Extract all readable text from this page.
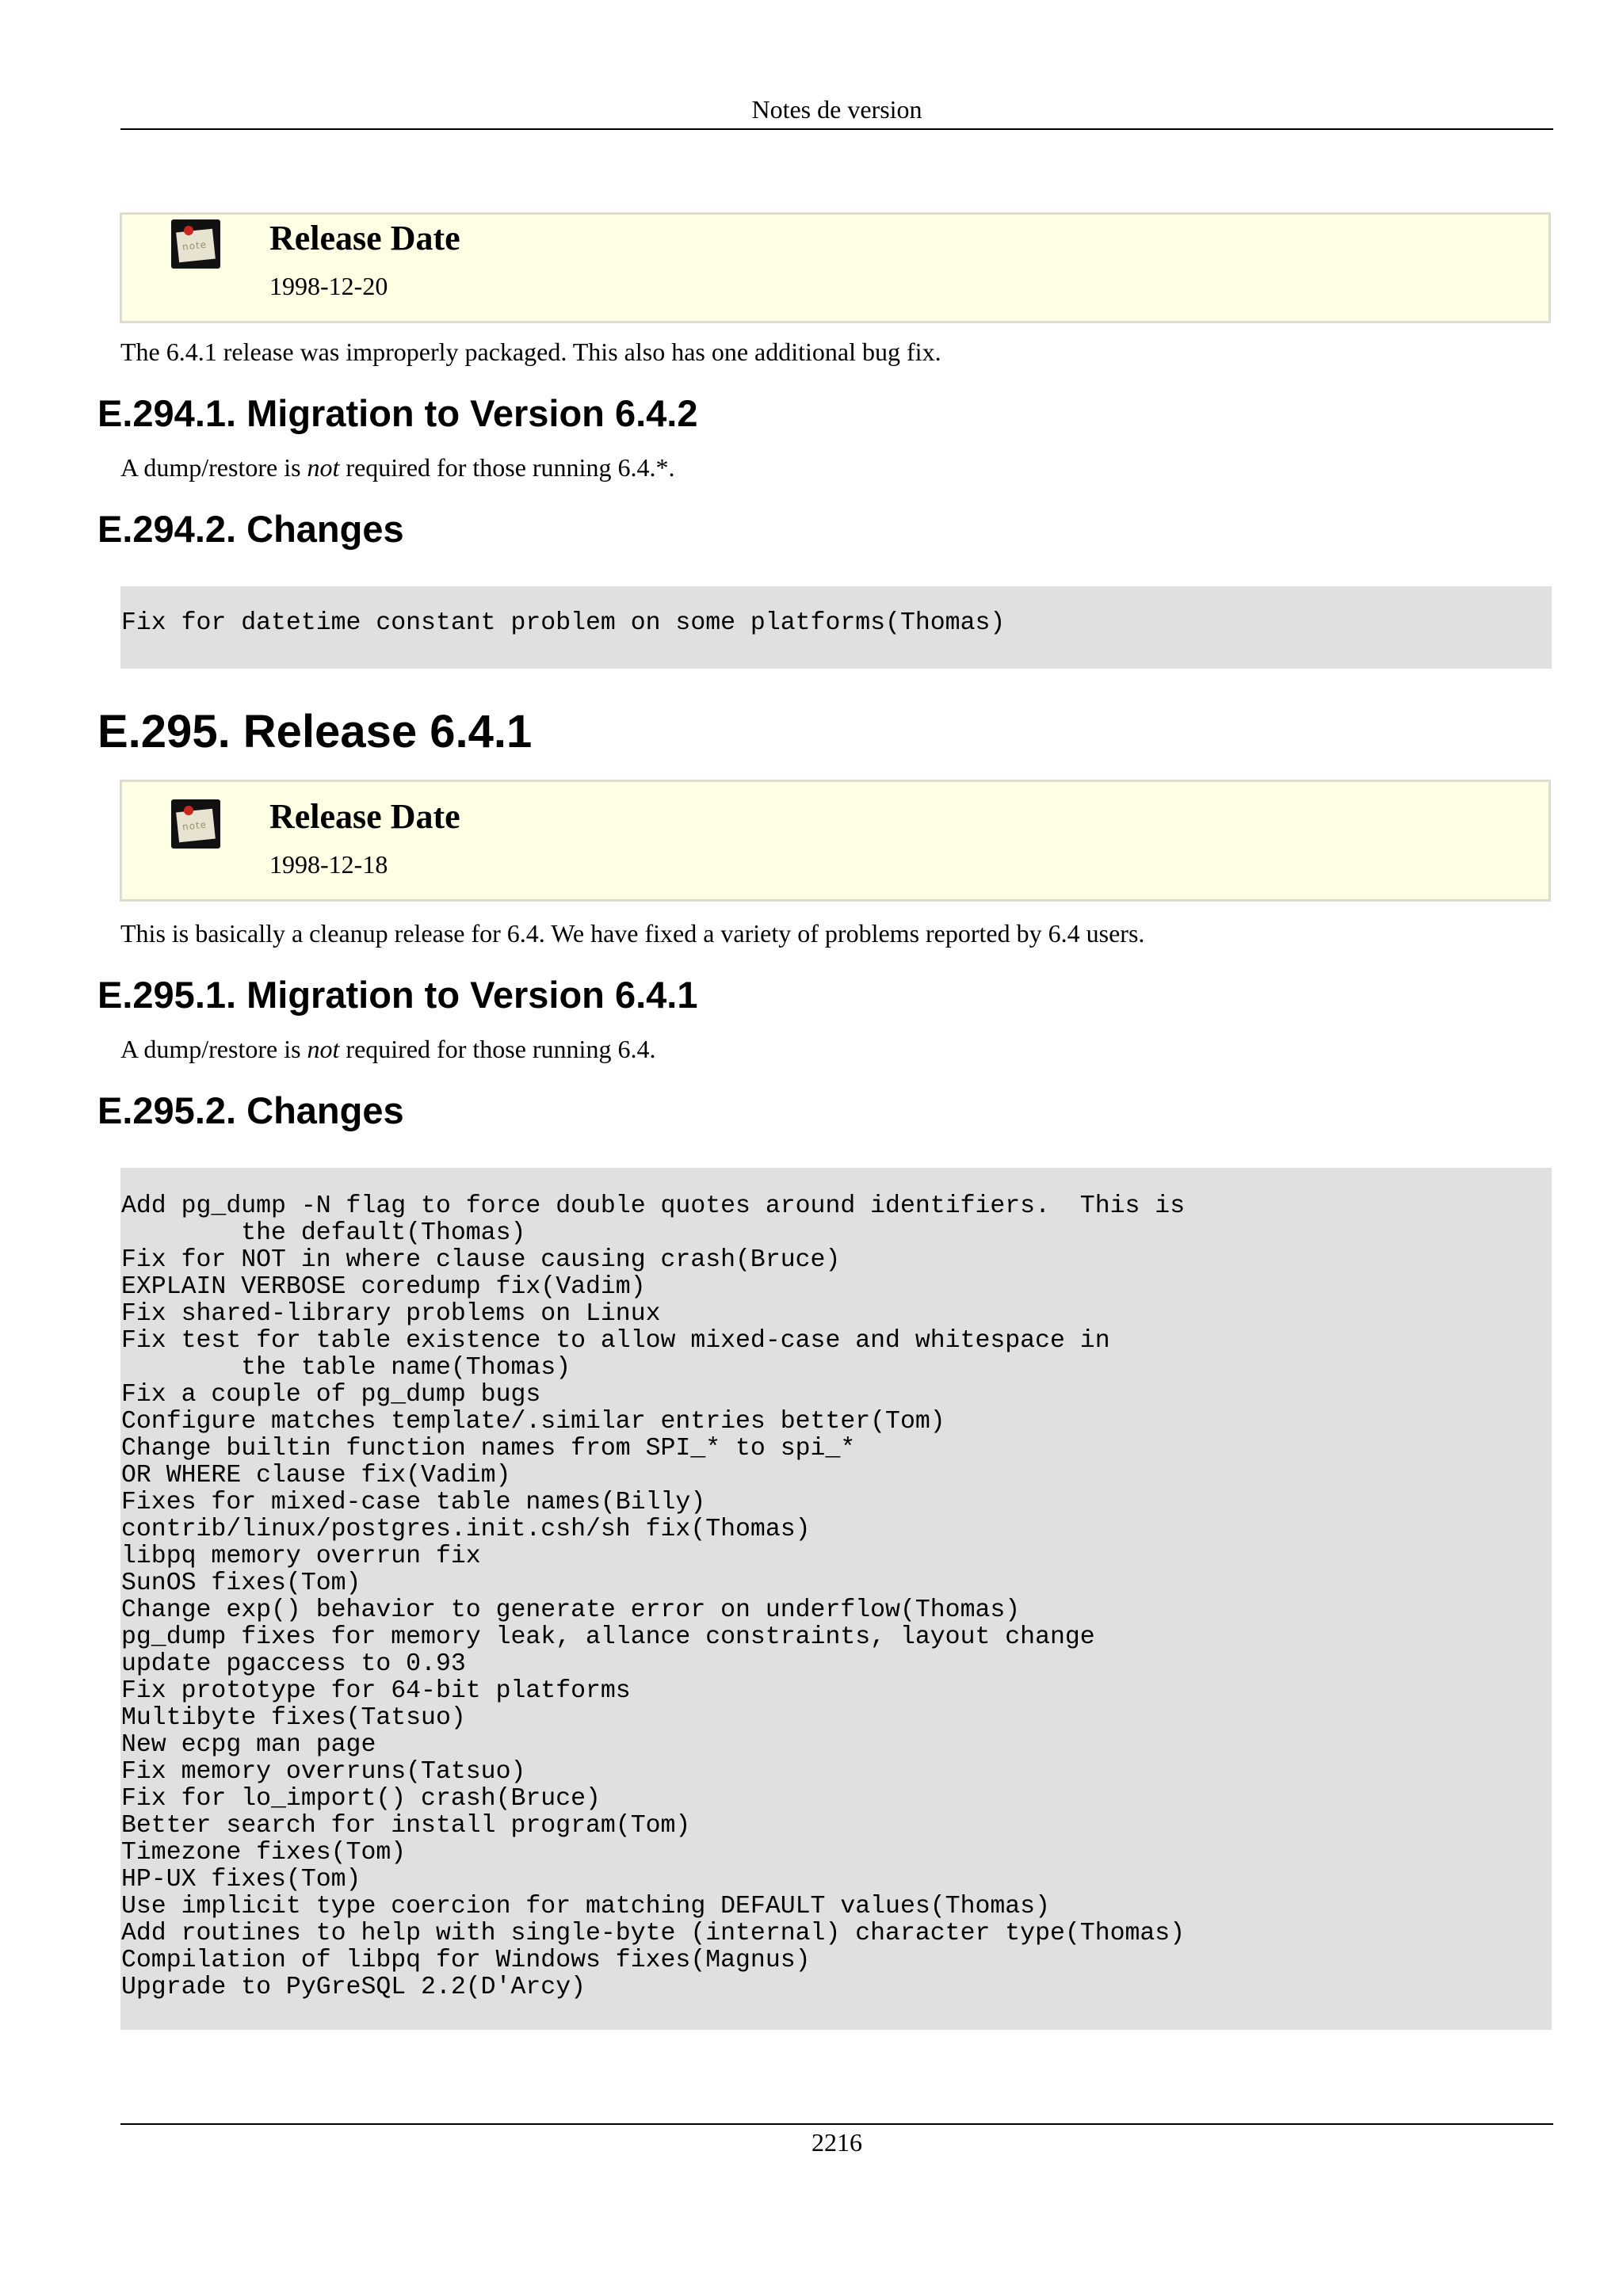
Notes de version
note Release Date
1998-12-20
The 6.4.1 release was improperly packaged. This also has one additional bug fix.
E.294.1. Migration to Version 6.4.2
A dump/restore is not required for those running 6.4.*.
E.294.2. Changes
Fix for datetime constant problem on some platforms(Thomas)
E.295. Release 6.4.1
note Release Date
1998-12-18
This is basically a cleanup release for 6.4. We have fixed a variety of problems reported by 6.4 users.
E.295.1. Migration to Version 6.4.1
A dump/restore is not required for those running 6.4.
E.295.2. Changes
Add pg_dump -N flag to force double quotes around identifiers.  This is
the default(Thomas)
Fix for NOT in where clause causing crash(Bruce)
EXPLAIN VERBOSE coredump fix(Vadim)
Fix shared-library problems on Linux
Fix test for table existence to allow mixed-case and whitespace in
the table name(Thomas)
Fix a couple of pg_dump bugs
Configure matches template/.similar entries better(Tom)
Change builtin function names from SPI_* to spi_*
OR WHERE clause fix(Vadim)
Fixes for mixed-case table names(Billy)
contrib/linux/postgres.init.csh/sh fix(Thomas)
libpq memory overrun fix
SunOS fixes(Tom)
Change exp() behavior to generate error on underflow(Thomas)
pg_dump fixes for memory leak, allance constraints, layout change
update pgaccess to 0.93
Fix prototype for 64-bit platforms
Multibyte fixes(Tatsuo)
New ecpg man page
Fix memory overruns(Tatsuo)
Fix for lo_import() crash(Bruce)
Better search for install program(Tom)
Timezone fixes(Tom)
HP-UX fixes(Tom)
Use implicit type coercion for matching DEFAULT values(Thomas)
Add routines to help with single-byte (internal) character type(Thomas)
Compilation of libpq for Windows fixes(Magnus)
Upgrade to PyGreSQL 2.2(D'Arcy)
2216
